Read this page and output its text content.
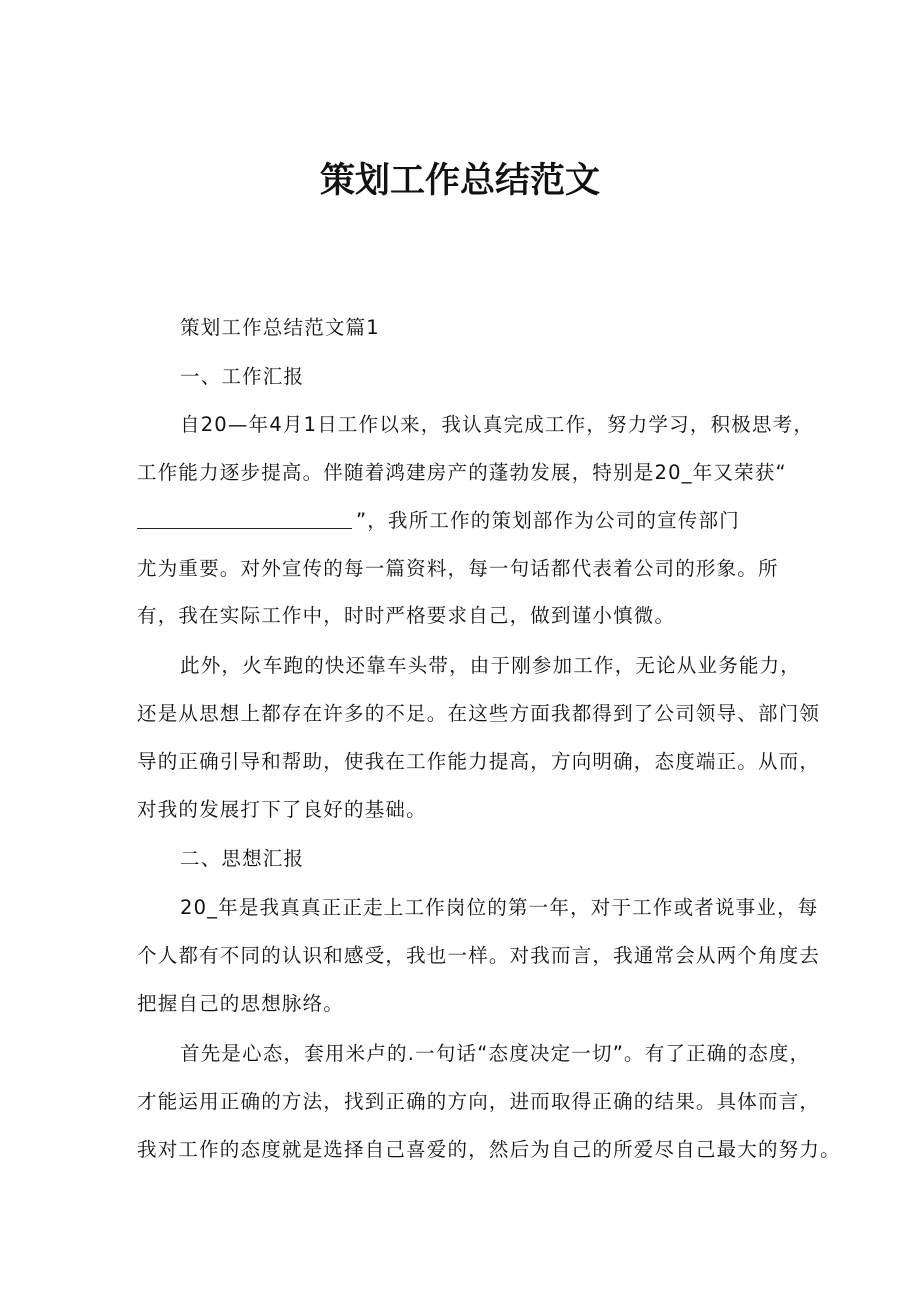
策划工作总结范文
策划工作总结范文篇1
一、工作汇报
自20—年4月1日工作以来，我认真完成工作，努力学习，积极思考，
工作能力逐步提高。伴随着鸿建房产的蓬勃发展，特别是20_年又荣获“
”，我所工作的策划部作为公司的宣传部门
尤为重要。对外宣传的每一篇资料，每一句话都代表着公司的形象。所
有，我在实际工作中，时时严格要求自己，做到谨小慎微。
此外，火车跑的快还靠车头带，由于刚参加工作，无论从业务能力，
还是从思想上都存在许多的不足。在这些方面我都得到了公司领导、部门领
导的正确引导和帮助，使我在工作能力提高，方向明确，态度端正。从而，
对我的发展打下了良好的基础。
二、思想汇报
20_年是我真真正正走上工作岗位的第一年，对于工作或者说事业，每
个人都有不同的认识和感受，我也一样。对我而言，我通常会从两个角度去
把握自己的思想脉络。
首先是心态，套用米卢的.一句话“态度决定一切”。有了正确的态度，
才能运用正确的方法，找到正确的方向，进而取得正确的结果。具体而言，
我对工作的态度就是选择自己喜爱的，然后为自己的所爱尽自己最大的努力。
